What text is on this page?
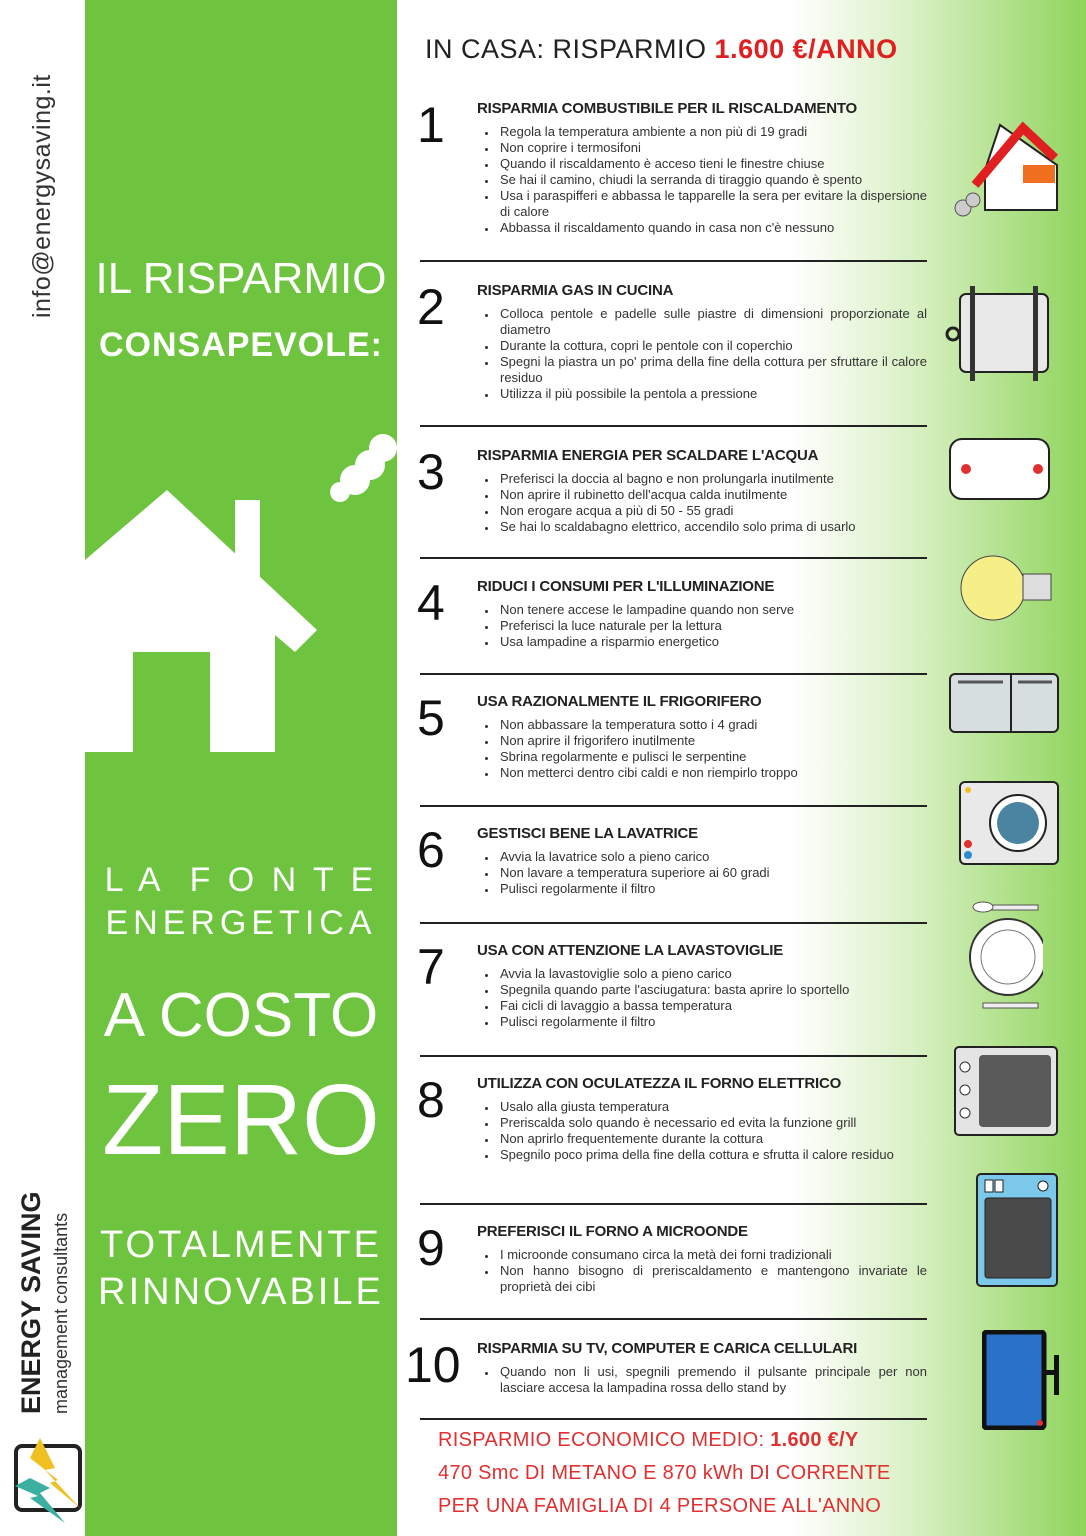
info@energysaving.it
ENERGY SAVING management consultants
IL RISPARMIO
CONSAPEVOLE:
L A  F O N T E
ENERGETICA
A COSTO
ZERO
TOTALMENTE
RINNOVABILE
IN CASA: RISPARMIO 1.600 €/ANNO
1	RISPARMIA COMBUSTIBILE PER IL RISCALDAMENTO
• Regola la temperatura ambiente a non più di 19 gradi
• Non coprire i termosifoni
• Quando il riscaldamento è acceso tieni le finestre chiuse
• Se hai il camino, chiudi la serranda di tiraggio quando è spento
• Usa i paraspifferi e abbassa le tapparelle la sera per evitare la dispersione di calore
• Abbassa il riscaldamento quando in casa non c'è nessuno
2	RISPARMIA GAS IN CUCINA
• Colloca pentole e padelle sulle piastre di dimensioni proporzionate al diametro
• Durante la cottura, copri le pentole con il coperchio
• Spegni la piastra un po' prima della fine della cottura per sfruttare il calore residuo
• Utilizza il più possibile la pentola a pressione
3	RISPARMIA ENERGIA PER SCALDARE L'ACQUA
• Preferisci la doccia al bagno e non prolungarla inutilmente
• Non aprire il rubinetto dell'acqua calda inutilmente
• Non erogare acqua a più di 50 - 55 gradi
• Se hai lo scaldabagno elettrico, accendilo solo prima di usarlo
4	RIDUCI I CONSUMI PER L'ILLUMINAZIONE
• Non tenere accese le lampadine quando non serve
• Preferisci la luce naturale per la lettura
• Usa lampadine a risparmio energetico
5	USA RAZIONALMENTE IL FRIGORIFERO
• Non abbassare la temperatura sotto i 4 gradi
• Non aprire il frigorifero inutilmente
• Sbrina regolarmente e pulisci le serpentine
• Non metterci dentro cibi caldi e non riempirlo troppo
6	GESTISCI BENE LA LAVATRICE
• Avvia la lavatrice solo a pieno carico
• Non lavare a temperatura superiore ai 60 gradi
• Pulisci regolarmente il filtro
7	USA CON ATTENZIONE LA LAVASTOVIGLIE
• Avvia la lavastoviglie solo a pieno carico
• Spegnila quando parte l'asciugatura: basta aprire lo sportello
• Fai cicli di lavaggio a bassa temperatura
• Pulisci regolarmente il filtro
8	UTILIZZA CON OCULATEZZA IL FORNO ELETTRICO
• Usalo alla giusta temperatura
• Preriscalda solo quando è necessario ed evita la funzione grill
• Non aprirlo frequentemente durante la cottura
• Spegnilo poco prima della fine della cottura e sfrutta il calore residuo
9	PREFERISCI IL FORNO A MICROONDE
• I microonde consumano circa la metà dei forni tradizionali
• Non hanno bisogno di preriscaldamento e mantengono invariate le proprietà dei cibi
10 RISPARMIA SU TV, COMPUTER E CARICA CELLULARI
• Quando non li usi, spegnili premendo il pulsante principale per non lasciare accesa la lampadina rossa dello stand by
RISPARMIO ECONOMICO MEDIO: 1.600 €/Y
470 Smc DI METANO E 870 kWh DI CORRENTE
PER UNA FAMIGLIA DI 4 PERSONE ALL'ANNO
